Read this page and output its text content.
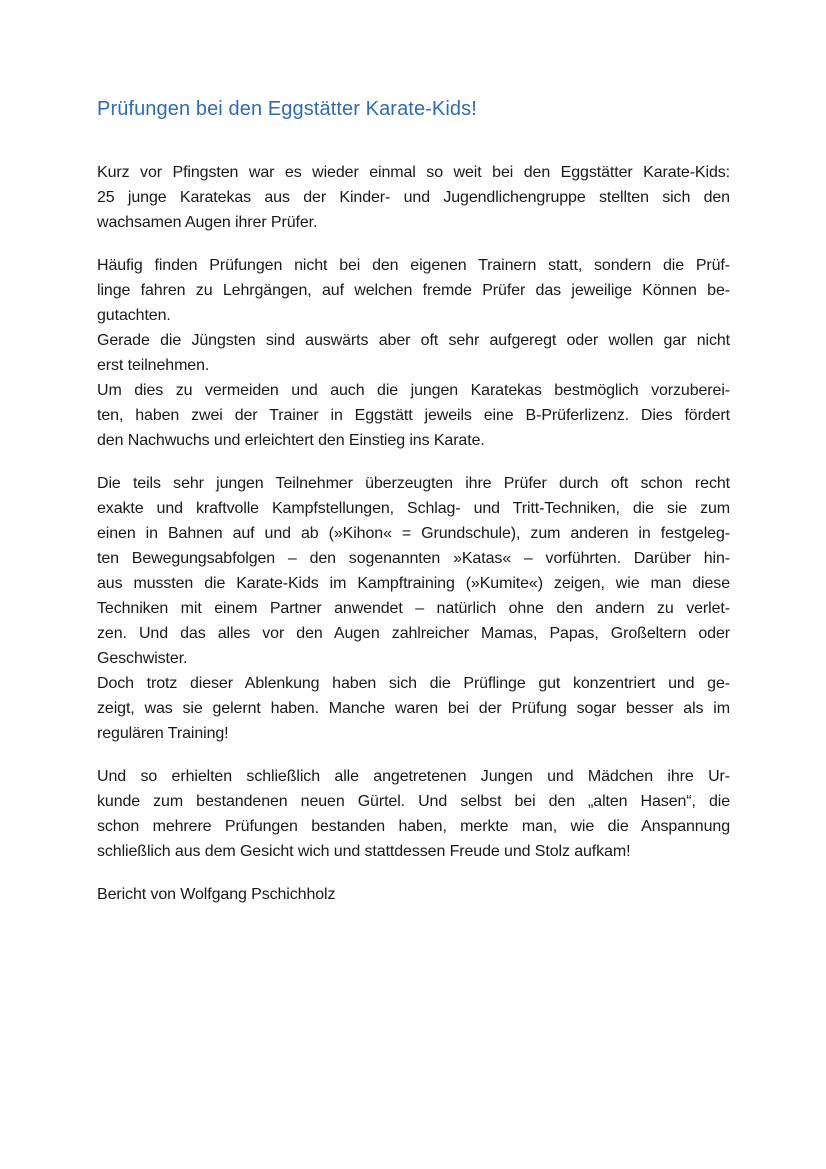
Prüfungen bei den Eggstätter Karate-Kids!
Kurz vor Pfingsten war es wieder einmal so weit bei den Eggstätter Karate-Kids:
25 junge Karatekas aus der Kinder- und Jugendlichengruppe stellten sich den
wachsamen Augen ihrer Prüfer.
Häufig finden Prüfungen nicht bei den eigenen Trainern statt, sondern die Prüf-
linge fahren zu Lehrgängen, auf welchen fremde Prüfer das jeweilige Können be-
gutachten.
Gerade die Jüngsten sind auswärts aber oft sehr aufgeregt oder wollen gar nicht
erst teilnehmen.
Um dies zu vermeiden und auch die jungen Karatekas bestmöglich vorzuberei-
ten, haben zwei der Trainer in Eggstätt jeweils eine B-Prüferlizenz. Dies fördert
den Nachwuchs und erleichtert den Einstieg ins Karate.
Die teils sehr jungen Teilnehmer überzeugten ihre Prüfer durch oft schon recht
exakte und kraftvolle Kampfstellungen, Schlag- und Tritt-Techniken, die sie zum
einen in Bahnen auf und ab (»Kihon« = Grundschule), zum anderen in festgeleg-
ten Bewegungsabfolgen – den sogenannten »Katas« – vorführten. Darüber hin-
aus mussten die Karate-Kids im Kampftraining (»Kumite«) zeigen, wie man diese
Techniken mit einem Partner anwendet – natürlich ohne den andern zu verlet-
zen. Und das alles vor den Augen zahlreicher Mamas, Papas, Großeltern oder
Geschwister.
Doch trotz dieser Ablenkung haben sich die Prüflinge gut konzentriert und ge-
zeigt, was sie gelernt haben. Manche waren bei der Prüfung sogar besser als im
regulären Training!
Und so erhielten schließlich alle angetretenen Jungen und Mädchen ihre Ur-
kunde zum bestandenen neuen Gürtel. Und selbst bei den „alten Hasen“, die
schon mehrere Prüfungen bestanden haben, merkte man, wie die Anspannung
schließlich aus dem Gesicht wich und stattdessen Freude und Stolz aufkam!
Bericht von Wolfgang Pschichholz
